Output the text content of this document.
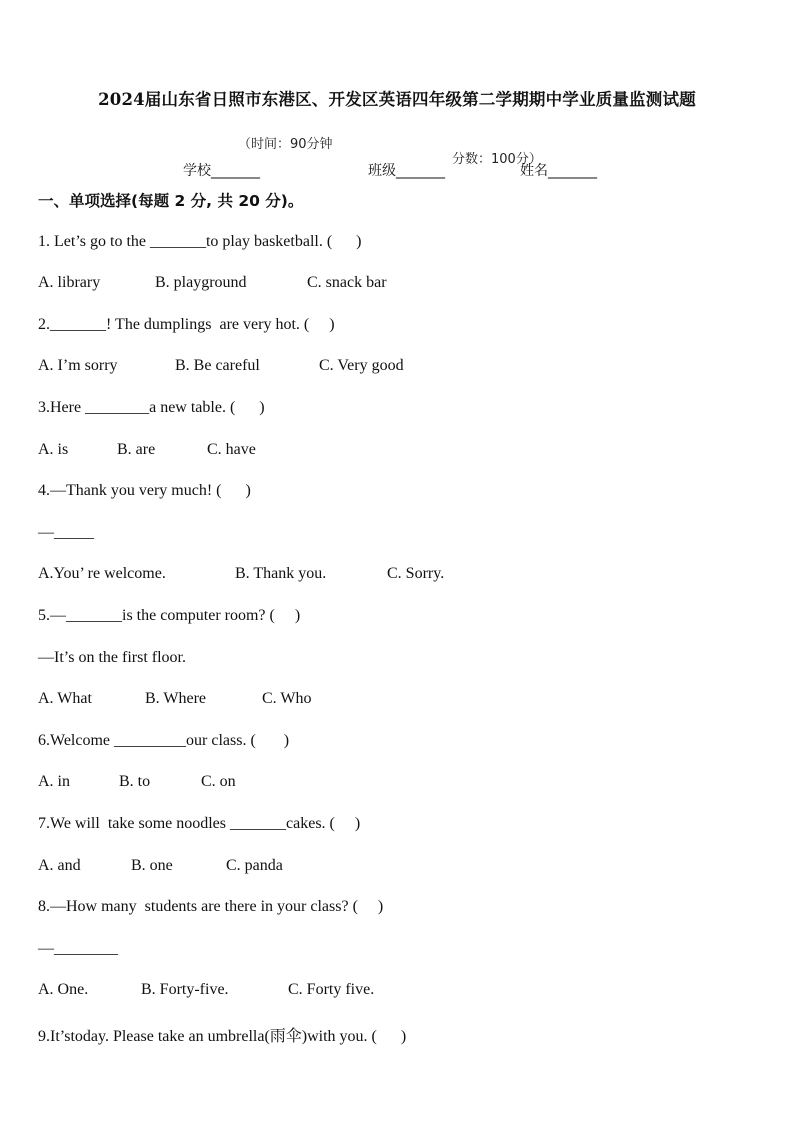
2024届山东省日照市东港区、开发区英语四年级第二学期期中学业质量监测试题

（时间：90分钟

分数：100分）

学校_______	班级_______	姓名_______
一、单项选择(每题 2 分, 共 20 分)。
1. Let’s go to the _______to play basketball. (      )
A. library	B. playground	C. snack bar
2._______! The dumplings  are very hot. (     )
A. I’m sorry	B. Be careful	C. Very good
3.Here ________a new table. (      )
A. is	B. are	C. have
4.—Thank you very much! (      )
—_____
A.You’ re welcome.	B. Thank you.	C. Sorry.
5.—_______is the computer room? (     )
—It’s on the first floor.
A. What	B. Where	C. Who
6.Welcome _________our class. (       )
A. in	B. to	C. on
7.We will  take some noodles _______cakes. (     )
A. and	B. one	C. panda
8.—How many  students are there in your class? (     )
—________
A. One.	B. Forty-five.	C. Forty five.
9.It’stoday. Please take an umbrella(雨伞)with you. (      )
